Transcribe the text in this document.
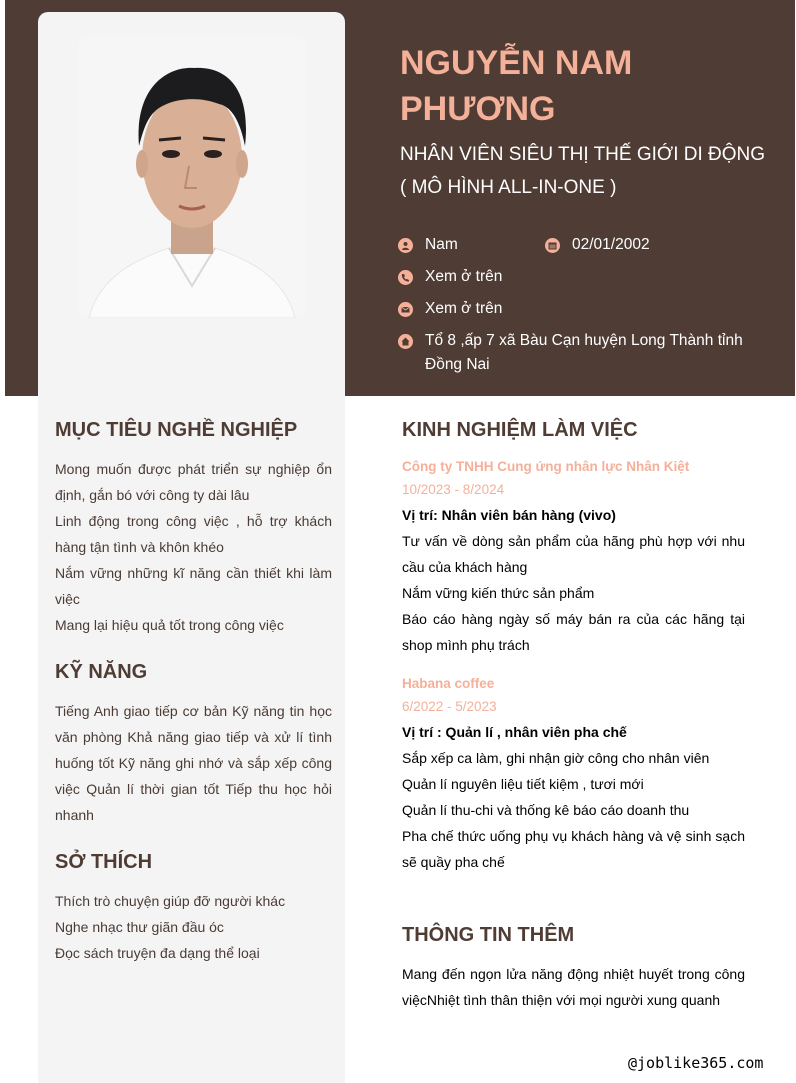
NGUYỄN NAM PHƯƠNG
NHÂN VIÊN SIÊU THỊ THẾ GIỚI DI ĐỘNG
( MÔ HÌNH ALL-IN-ONE )
Nam	02/01/2002
Xem ở trên
Xem ở trên
Tổ 8 ,ấp 7 xã Bàu Cạn huyện Long Thành tỉnh Đồng Nai
MỤC TIÊU NGHỀ NGHIỆP

Mong muốn được phát triển sự nghiệp ổn định, gắn bó với công ty dài lâu

Linh động trong công việc , hỗ trợ khách hàng tận tình và khôn khéo

Nắm vững những kĩ năng cần thiết khi làm việc

Mang lại hiệu quả tốt trong công việc

KỸ NĂNG

Tiếng Anh giao tiếp cơ bản Kỹ năng tin học văn phòng Khả năng giao tiếp và xử lí tình huống tốt Kỹ năng ghi nhớ và sắp xếp công việc Quản lí thời gian tốt Tiếp thu học hỏi nhanh

SỞ THÍCH

Thích trò chuyện giúp đỡ người khác

Nghe nhạc thư giãn đầu óc

Đọc sách truyện đa dạng thể loại

KINH NGHIỆM LÀM VIỆC

Công ty TNHH Cung ứng nhân lực Nhân Kiệt

10/2023 - 8/2024

Vị trí: Nhân viên bán hàng (vivo)

Tư vấn về dòng sản phẩm của hãng phù hợp với nhu cầu của khách hàng

Nắm vững kiến thức sản phẩm

Báo cáo hàng ngày số máy bán ra của các hãng tại shop mình phụ trách

Habana coffee

6/2022 - 5/2023

Vị trí : Quản lí , nhân viên pha chế

Sắp xếp ca làm, ghi nhận giờ công cho nhân viên

Quản lí nguyên liệu tiết kiệm , tươi mới

Quản lí thu-chi và thống kê báo cáo doanh thu

Pha chế thức uống phụ vụ khách hàng và vệ sinh sạch sẽ quầy pha chế

THÔNG TIN THÊM

Mang đến ngọn lửa năng động nhiệt huyết trong công việcNhiệt tình thân thiện với mọi người xung quanh

@joblike365.com
